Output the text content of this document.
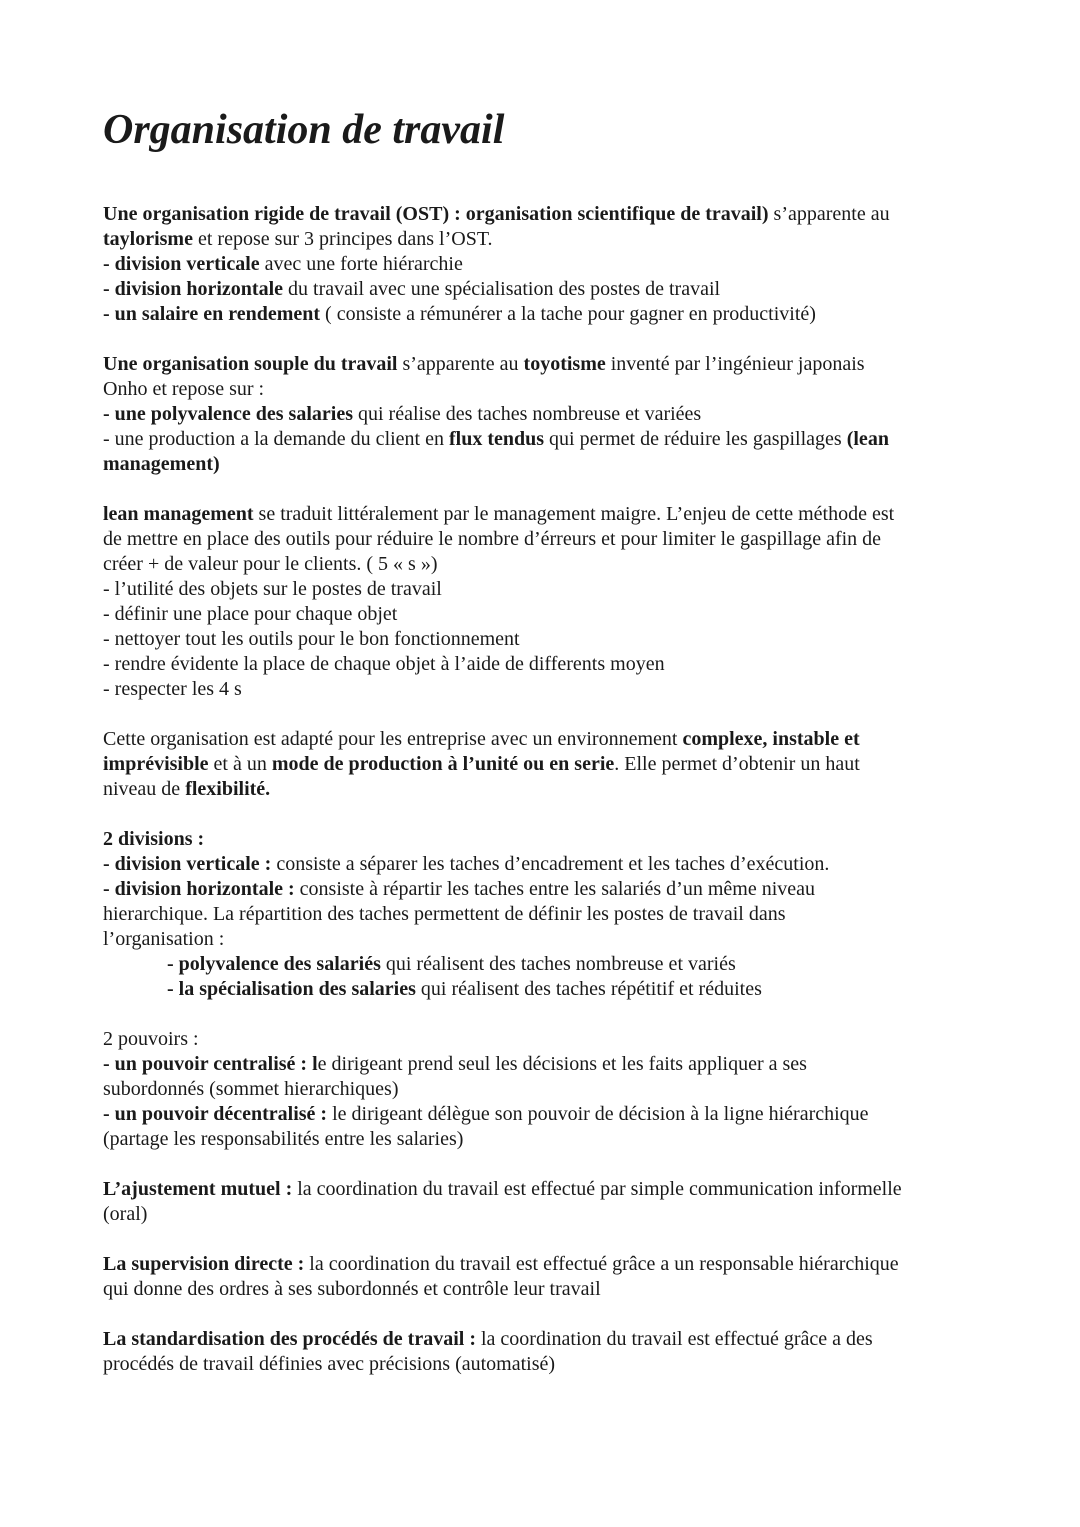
Organisation de travail

Une organisation rigide de travail (OST) : organisation scientifique de travail) s’apparente au

taylorisme et repose sur 3 principes dans l’OST.

- division verticale avec une forte hiérarchie

- division horizontale du travail avec une spécialisation des postes de travail

- un salaire en rendement ( consiste a rémunérer a la tache pour gagner en productivité)

Une organisation souple du travail s’apparente au toyotisme inventé par l’ingénieur japonais

Onho et repose sur :

- une polyvalence des salaries qui réalise des taches nombreuse et variées

- une production a la demande du client en flux tendus qui permet de réduire les gaspillages (lean

management)

lean management se traduit littéralement par le management maigre. L’enjeu de cette méthode est

de mettre en place des outils pour réduire le nombre d’érreurs et pour limiter le gaspillage afin de

créer + de valeur pour le clients. ( 5 « s »)

- l’utilité des objets sur le postes de travail

- définir une place pour chaque objet

- nettoyer tout les outils pour le bon fonctionnement

- rendre évidente la place de chaque objet à l’aide de differents moyen

- respecter les 4 s

Cette organisation est adapté pour les entreprise avec un environnement complexe, instable et

imprévisible et à un mode de production à l’unité ou en serie. Elle permet d’obtenir un haut

niveau de flexibilité.

2 divisions :

- division verticale : consiste a séparer les taches d’encadrement et les taches d’exécution.

- division horizontale : consiste à répartir les taches entre les salariés d’un même niveau

hierarchique. La répartition des taches permettent de définir les postes de travail dans

l’organisation :

- polyvalence des salariés qui réalisent des taches nombreuse et variés

- la spécialisation des salaries qui réalisent des taches répétitif et réduites

2 pouvoirs :

- un pouvoir centralisé : le dirigeant prend seul les décisions et les faits appliquer a ses

subordonnés (sommet hierarchiques)

- un pouvoir décentralisé : le dirigeant délègue son pouvoir de décision à la ligne hiérarchique

(partage les responsabilités entre les salaries)

L’ajustement mutuel : la coordination du travail est effectué par simple communication informelle

(oral)

La supervision directe : la coordination du travail est effectué grâce a un responsable hiérarchique

qui donne des ordres à ses subordonnés et contrôle leur travail

La standardisation des procédés de travail : la coordination du travail est effectué grâce a des

procédés de travail définies avec précisions (automatisé)
